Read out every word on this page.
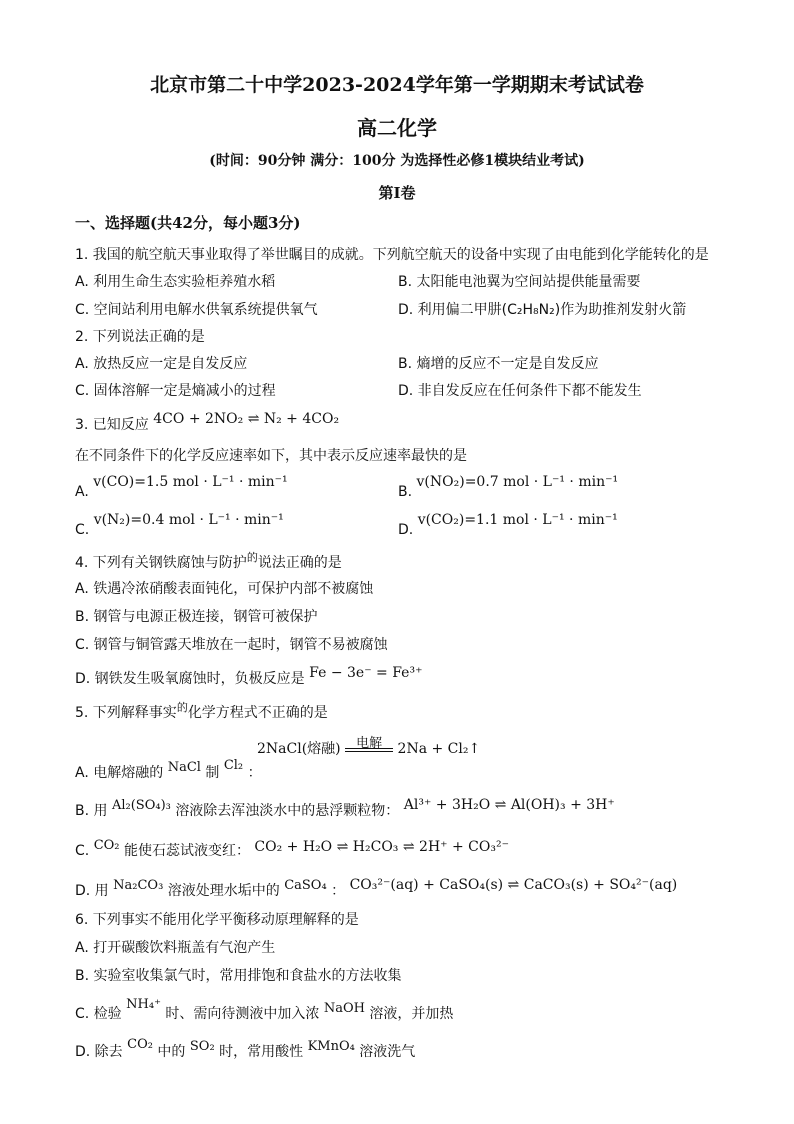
北京市第二十中学2023-2024学年第一学期期末考试试卷
高二化学
(时间：90分钟 满分：100分 为选择性必修1模块结业考试)
第I卷
一、选择题(共42分，每小题3分)
1. 我国的航空航天事业取得了举世瞩目的成就。下列航空航天的设备中实现了由电能到化学能转化的是
A. 利用生命生态实验柜养殖水稻	B. 太阳能电池翼为空间站提供能量需要
C. 空间站利用电解水供氧系统提供氧气	D. 利用偏二甲肼(C₂H₈N₂)作为助推剂发射火箭
2. 下列说法正确的是
A. 放热反应一定是自发反应	B. 熵增的反应不一定是自发反应
C. 固体溶解一定是熵减小的过程	D. 非自发反应在任何条件下都不能发生
3. 已知反应 4CO + 2NO₂ ⇌ N₂ + 4CO₂
在不同条件下的化学反应速率如下，其中表示反应速率最快的是
A. v(CO)=1.5 mol · L⁻¹ · min⁻¹
B. v(NO₂)=0.7 mol · L⁻¹ · min⁻¹
C. v(N₂)=0.4 mol · L⁻¹ · min⁻¹
D. v(CO₂)=1.1 mol · L⁻¹ · min⁻¹
4. 下列有关钢铁腐蚀与防护$^的$说法正确的是
A. 铁遇冷浓硝酸表面钝化，可保护内部不被腐蚀
B. 钢管与电源正极连接，钢管可被保护
C. 钢管与铜管露天堆放在一起时，钢管不易被腐蚀
D. 钢铁发生吸氧腐蚀时，负极反应是 Fe − 3e⁻ = Fe³⁺
5. 下列解释事实$^的$化学方程式不正确的是
2NaCl(熔融)	电解	2Na + Cl₂↑
A. 电解熔融的 NaCl 制 Cl₂ ：
B. 用 Al₂(SO₄)₃ 溶液除去浑浊淡水中的悬浮颗粒物： Al³⁺ + 3H₂O ⇌ Al(OH)₃ + 3H⁺
C. CO₂ 能使石蕊试液变红： CO₂ + H₂O ⇌ H₂CO₃ ⇌ 2H⁺ + CO₃²⁻
D. 用 Na₂CO₃ 溶液处理水垢中的 CaSO₄ ： CO₃²⁻(aq) + CaSO₄(s) ⇌ CaCO₃(s) + SO₄²⁻(aq)
6. 下列事实不能用化学平衡移动原理解释的是
A. 打开碳酸饮料瓶盖有气泡产生
B. 实验室收集氯气时，常用排饱和食盐水的方法收集
C. 检验 NH₄⁺ 时、需向待测液中加入浓 NaOH 溶液，并加热
D. 除去 CO₂ 中的 SO₂ 时，常用酸性 KMnO₄ 溶液洗气
